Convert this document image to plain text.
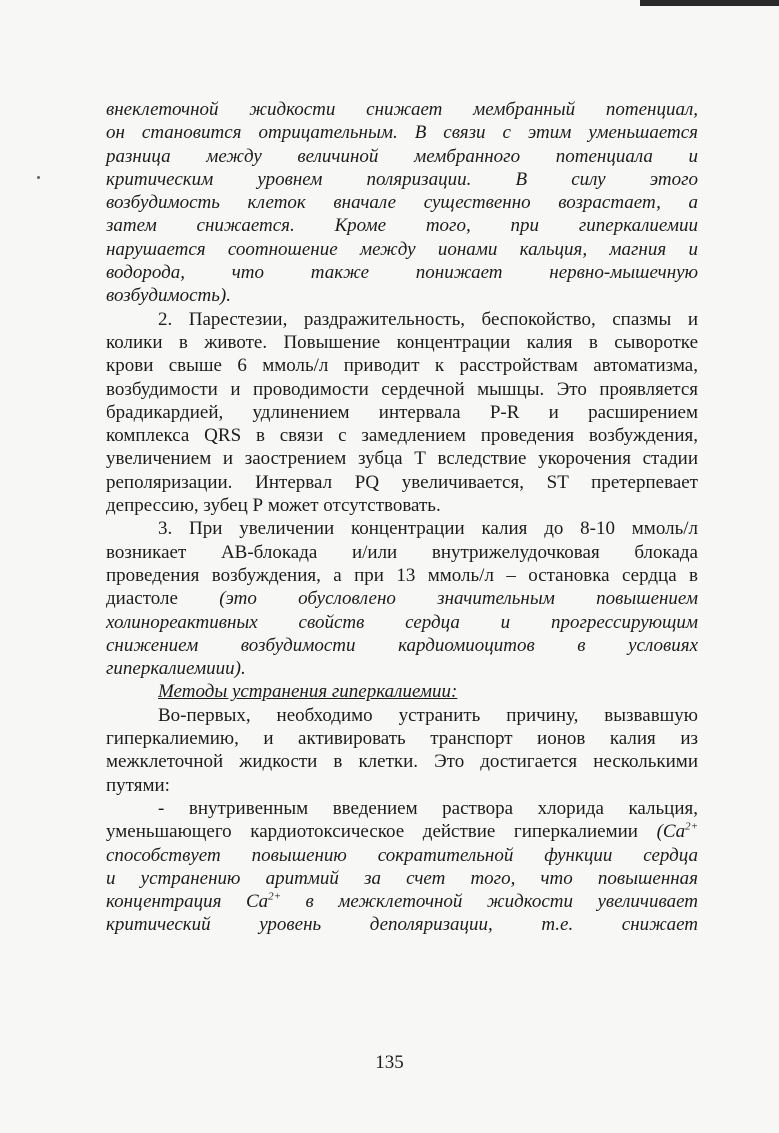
внеклеточной жидкости снижает мембранный потенциал,
он становится отрицательным. В связи с этим уменьшается
разница между величиной мембранного потенциала и
критическим уровнем поляризации. В силу этого
возбудимость клеток вначале существенно возрастает, а
затем снижается. Кроме того, при гиперкалиемии
нарушается соотношение между ионами кальция, магния и
водорода, что также понижает нервно-мышечную
возбудимость).
2. Парестезии, раздражительность, беспокойство, спазмы и
колики в животе. Повышение концентрации калия в сыворотке
крови свыше 6 ммоль/л приводит к расстройствам автоматизма,
возбудимости и проводимости сердечной мышцы. Это проявляется
брадикардией, удлинением интервала P-R и расширением
комплекса QRS в связи с замедлением проведения возбуждения,
увеличением и заострением зубца Т вследствие укорочения стадии
реполяризации. Интервал PQ увеличивается, ST претерпевает
депрессию, зубец Р может отсутствовать.
3. При увеличении концентрации калия до 8-10 ммоль/л
возникает АВ-блокада и/или внутрижелудочковая блокада
проведения возбуждения, а при 13 ммоль/л – остановка сердца в
диастоле (это обусловлено значительным повышением
холинореактивных свойств сердца и прогрессирующим
снижением возбудимости кардиомиоцитов в условиях
гиперкалиемиии).
Методы устранения гиперкалиемии:
Во-первых, необходимо устранить причину, вызвавшую
гиперкалиемию, и активировать транспорт ионов калия из
межклеточной жидкости в клетки. Это достигается несколькими
путями:
- внутривенным введением раствора хлорида кальция,
уменьшающего кардиотоксическое действие гиперкалиемии ($Ca^{2+}$
способствует повышению сократительной функции сердца
и устранению аритмий за счет того, что повышенная
концентрация $Ca^{2+}$ в межклеточной жидкости увеличивает
критический уровень деполяризации, т.е. снижает
135
